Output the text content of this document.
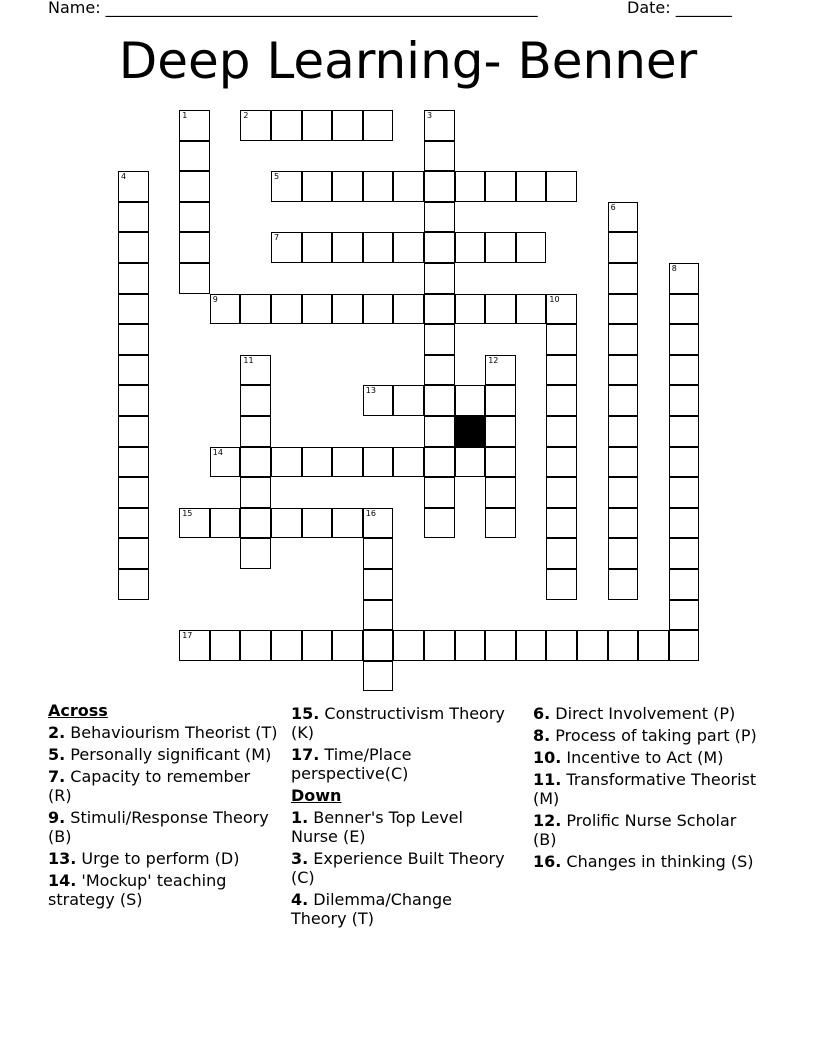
Name: ______________________________________________________	Date: _______
Deep Learning- Benner
1	2	3
4	5
6
7
8
9	10
11	12
13
14
15	16
17
Across
2. Behaviourism Theorist (T)
5. Personally significant (M)
7. Capacity to remember (R)
9. Stimuli/Response Theory (B)
13. Urge to perform (D)
14. 'Mockup' teaching strategy (S)
15. Constructivism Theory (K)
17. Time/Place perspective(C)
Down
1. Benner's Top Level Nurse (E)
3. Experience Built Theory (C)
4. Dilemma/Change Theory (T)
6. Direct Involvement (P)
8. Process of taking part (P)
10. Incentive to Act (M)
11. Transformative Theorist (M)
12. Prolific Nurse Scholar (B)
16. Changes in thinking (S)
